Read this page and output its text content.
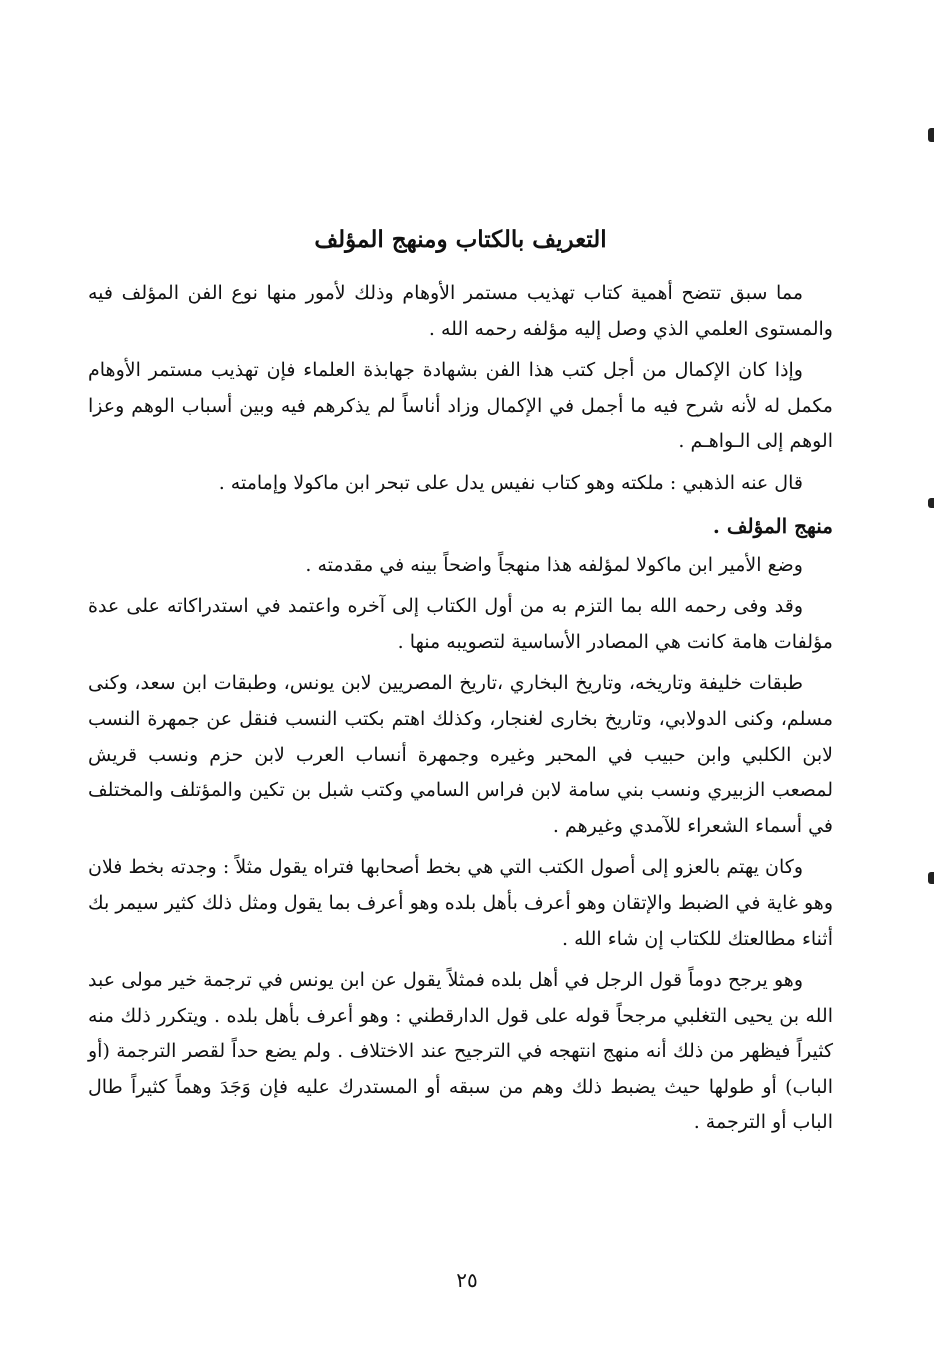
التعريف بالكتاب ومنهج المؤلف

مما سبق تتضح أهمية كتاب تهذيب مستمر الأوهام وذلك لأمور منها نوع الفن المؤلف فيه والمستوى العلمي الذي وصل إليه مؤلفه رحمه الله .

وإذا كان الإكمال من أجل كتب هذا الفن بشهادة جهابذة العلماء فإن تهذيب مستمر الأوهام مكمل له لأنه شرح فيه ما أجمل في الإكمال وزاد أناساً لم يذكرهم فيه وبين أسباب الوهم وعزا الوهم إلى الـواهـم .

قال عنه الذهبي : ملكته وهو كتاب نفيس يدل على تبحر ابن ماكولا وإمامته .

منهج المؤلف .

وضع الأمير ابن ماكولا لمؤلفه هذا منهجاً واضحاً بينه في مقدمته .

وقد وفى رحمه الله بما التزم به من أول الكتاب إلى آخره واعتمد في استدراكاته على عدة مؤلفات هامة كانت هي المصادر الأساسية لتصويبه منها .

طبقات خليفة وتاريخه، وتاريخ البخاري ،تاريخ المصريين لابن يونس، وطبقات ابن سعد، وكنى مسلم، وكنى الدولابي، وتاريخ بخارى لغنجار، وكذلك اهتم بكتب النسب فنقل عن جمهرة النسب لابن الكلبي وابن حبيب في المحبر وغيره وجمهرة أنساب العرب لابن حزم ونسب قريش لمصعب الزبيري ونسب بني سامة لابن فراس السامي وكتب شبل بن تكين والمؤتلف والمختلف في أسماء الشعراء للآمدي وغيرهم .

وكان يهتم بالعزو إلى أصول الكتب التي هي بخط أصحابها فتراه يقول مثلاً : وجدته بخط فلان وهو غاية في الضبط والإتقان وهو أعرف بأهل بلده وهو أعرف بما يقول ومثل ذلك كثير سيمر بك أثناء مطالعتك للكتاب إن شاء الله .

وهو يرجح دوماً قول الرجل في أهل بلده فمثلاً يقول عن ابن يونس في ترجمة خير مولى عبد الله بن يحيى التغلبي مرجحاً قوله على قول الدارقطني : وهو أعرف بأهل بلده . ويتكرر ذلك منه كثيراً فيظهر من ذلك أنه منهج انتهجه في الترجيح عند الاختلاف . ولم يضع حداً لقصر الترجمة (أو الباب) أو طولها حيث يضبط ذلك وهم من سبقه أو المستدرك عليه فإن وَجَدَ وهماً كثيراً طال الباب أو الترجمة .

٢٥
